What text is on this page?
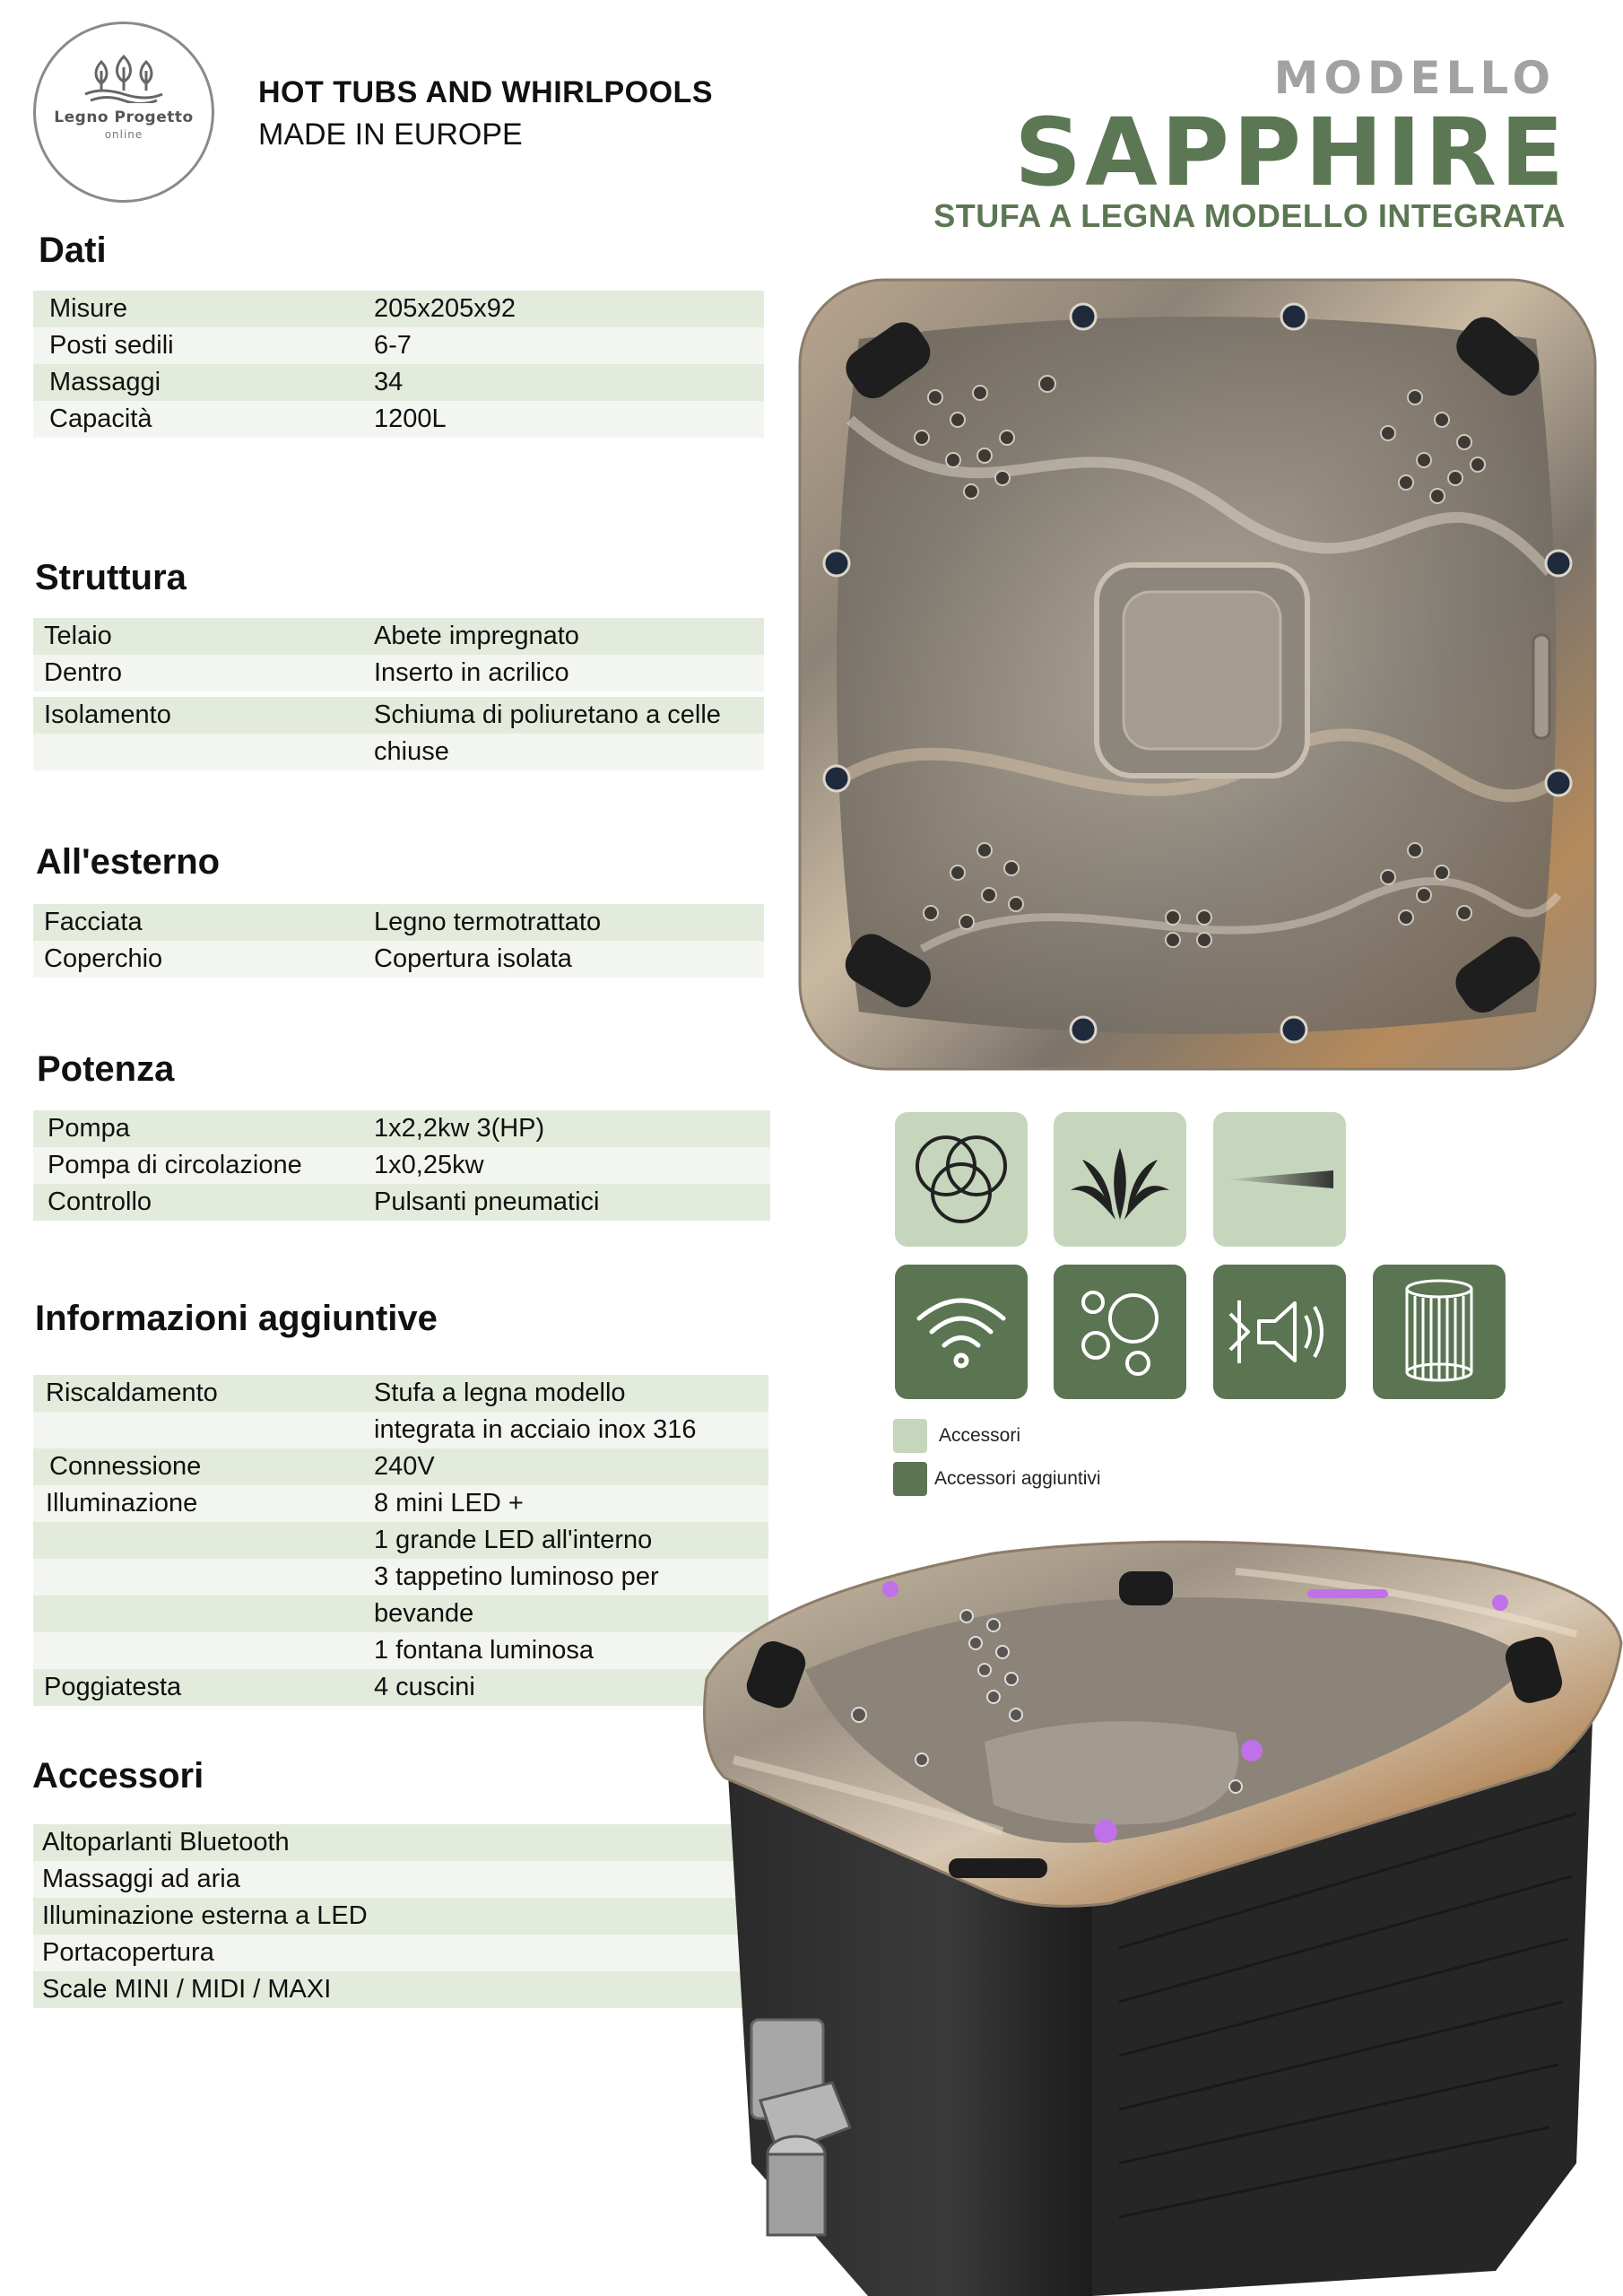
Legno Progetto
online
HOT TUBS AND WHIRLPOOLS
MADE IN EUROPE
MODELLO
SAPPHIRE
STUFA A LEGNA MODELLO INTEGRATA
Dati
Misure	205x205x92
Posti sedili	6-7
Massaggi	34
Capacità	1200L
Struttura
Telaio	Abete impregnato
Dentro	Inserto in acrilico
Isolamento	Schiuma di poliuretano a celle
chiuse
All'esterno
Facciata	Legno termotrattato
Coperchio	Copertura isolata
Potenza
Pompa	1x2,2kw 3(HP)
Pompa di circolazione	1x0,25kw
Controllo	Pulsanti pneumatici
Informazioni aggiuntive
Riscaldamento	Stufa a legna modello
integrata in acciaio inox 316
Connessione	240V
Illuminazione	8 mini LED +
1 grande LED all'interno
3 tappetino luminoso per
bevande
1 fontana luminosa
Poggiatesta	4 cuscini
Accessori
Altoparlanti Bluetooth
Massaggi ad aria
Illuminazione esterna a LED
Portacopertura
Scale MINI / MIDI / MAXI
Accessori
Accessori aggiuntivi
